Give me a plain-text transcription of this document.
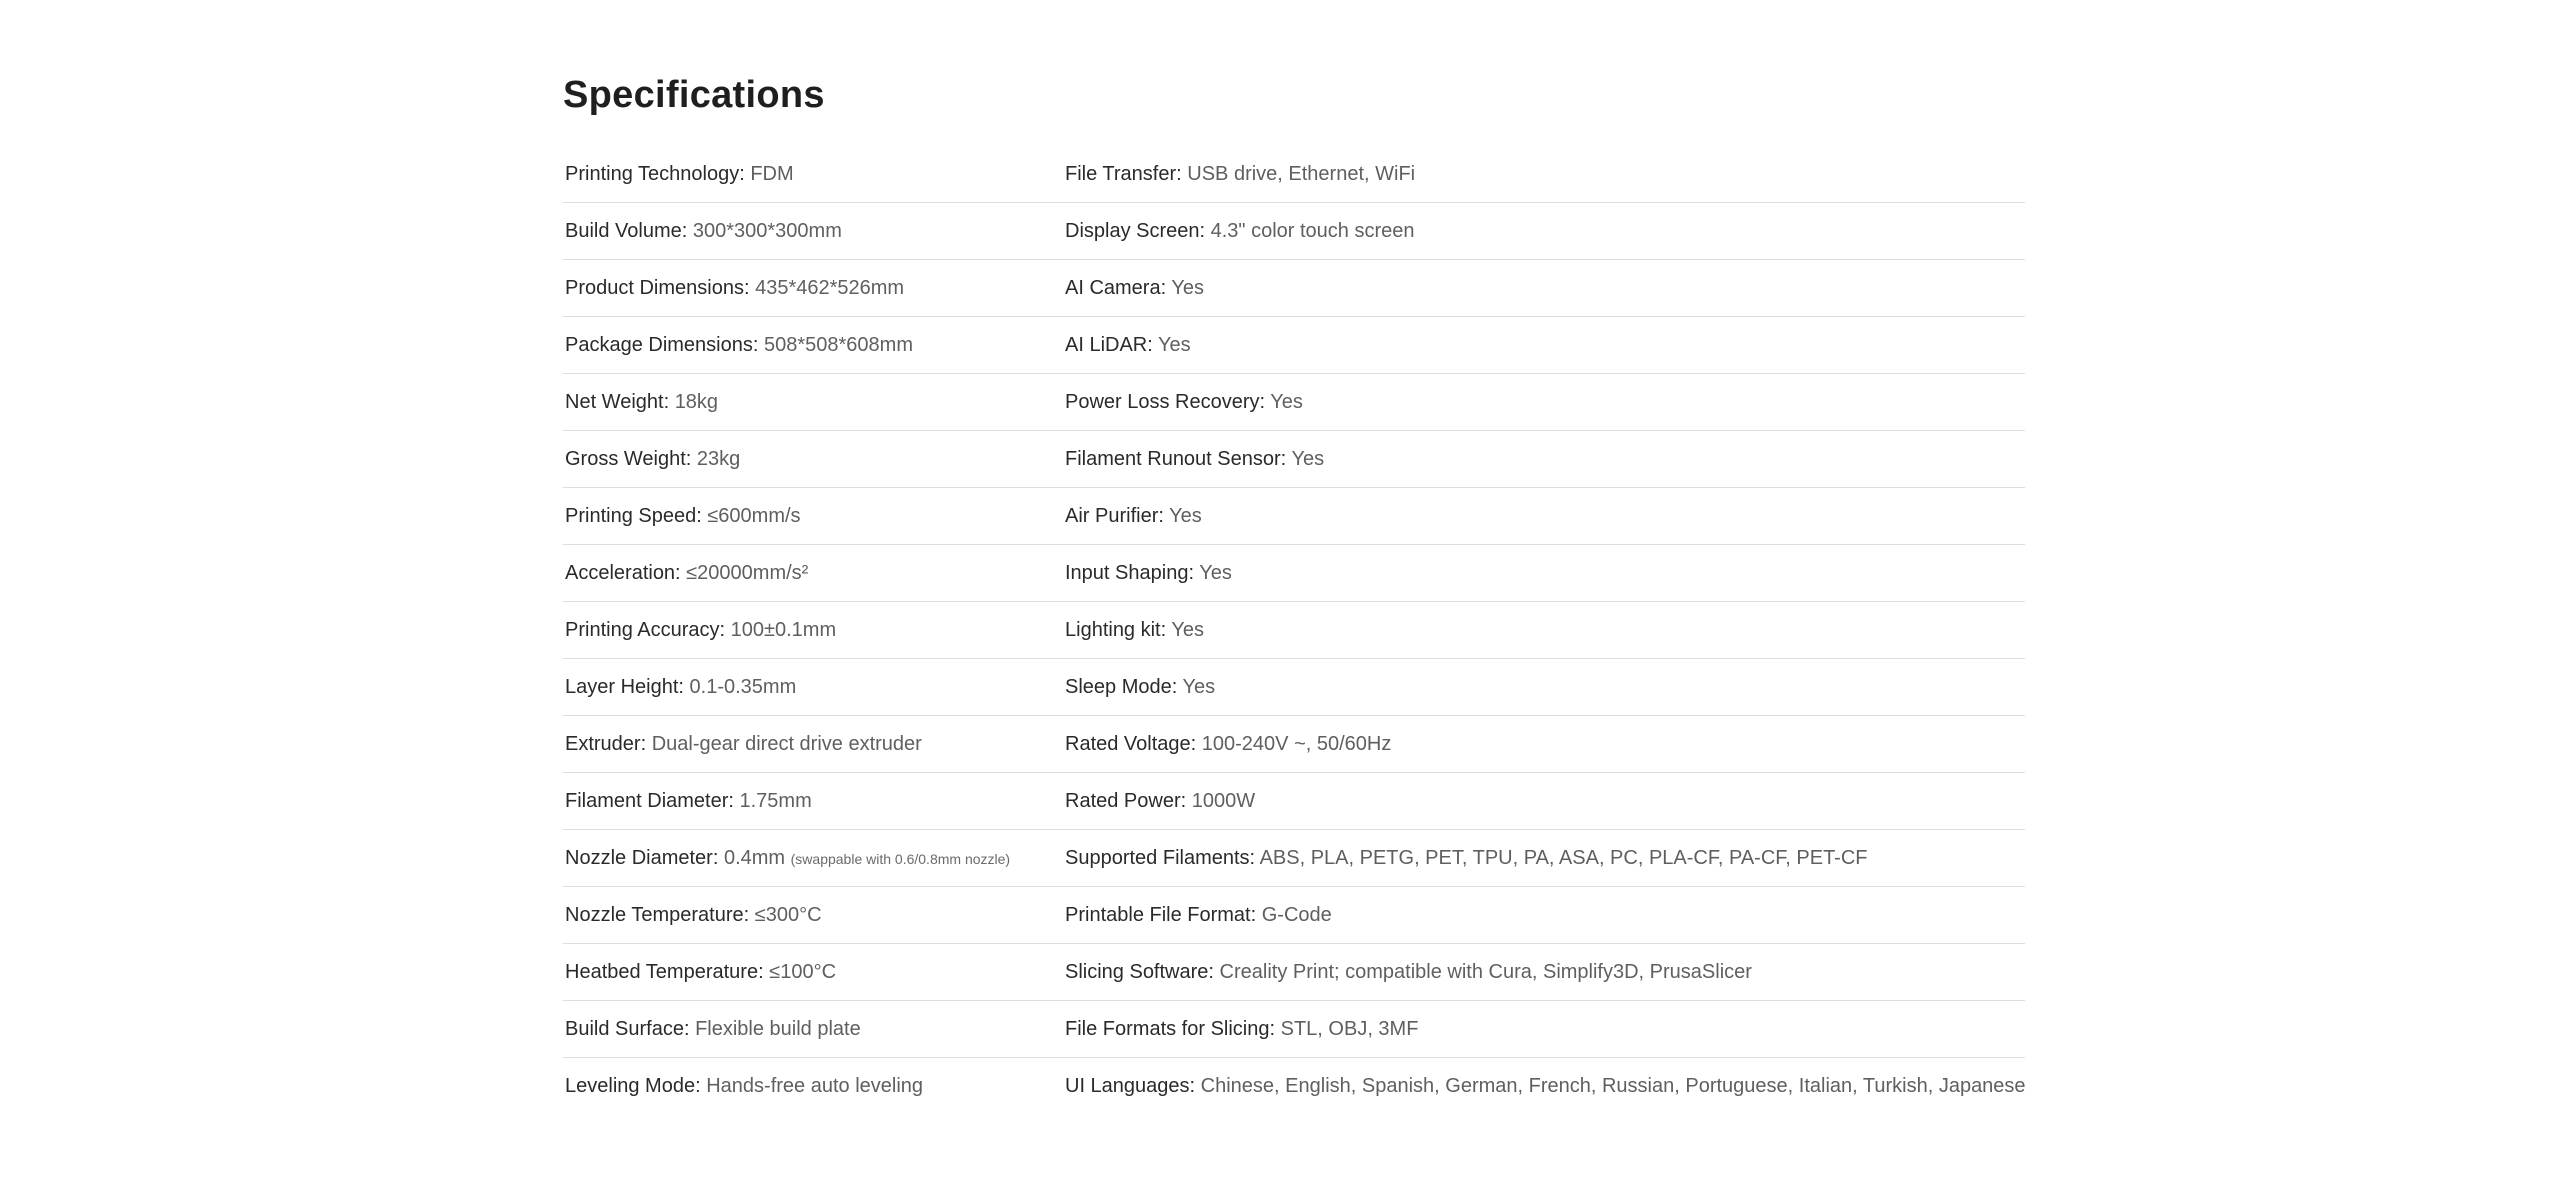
Specifications
Printing Technology: FDM	File Transfer: USB drive, Ethernet, WiFi
Build Volume: 300*300*300mm	Display Screen: 4.3" color touch screen
Product Dimensions: 435*462*526mm	AI Camera: Yes
Package Dimensions: 508*508*608mm	AI LiDAR: Yes
Net Weight: 18kg	Power Loss Recovery: Yes
Gross Weight: 23kg	Filament Runout Sensor: Yes
Printing Speed: ≤600mm/s	Air Purifier: Yes
Acceleration: ≤20000mm/s²	Input Shaping: Yes
Printing Accuracy: 100±0.1mm	Lighting kit: Yes
Layer Height: 0.1-0.35mm	Sleep Mode: Yes
Extruder: Dual-gear direct drive extruder	Rated Voltage: 100-240V ~, 50/60Hz
Filament Diameter: 1.75mm	Rated Power: 1000W
Nozzle Diameter: 0.4mm (swappable with 0.6/0.8mm nozzle)	Supported Filaments: ABS, PLA, PETG, PET, TPU, PA, ASA, PC, PLA-CF, PA-CF, PET-CF
Nozzle Temperature: ≤300°C	Printable File Format: G-Code
Heatbed Temperature: ≤100°C	Slicing Software: Creality Print; compatible with Cura, Simplify3D, PrusaSlicer
Build Surface: Flexible build plate	File Formats for Slicing: STL, OBJ, 3MF
Leveling Mode: Hands-free auto leveling	UI Languages: Chinese, English, Spanish, German, French, Russian, Portuguese, Italian, Turkish, Japanese
